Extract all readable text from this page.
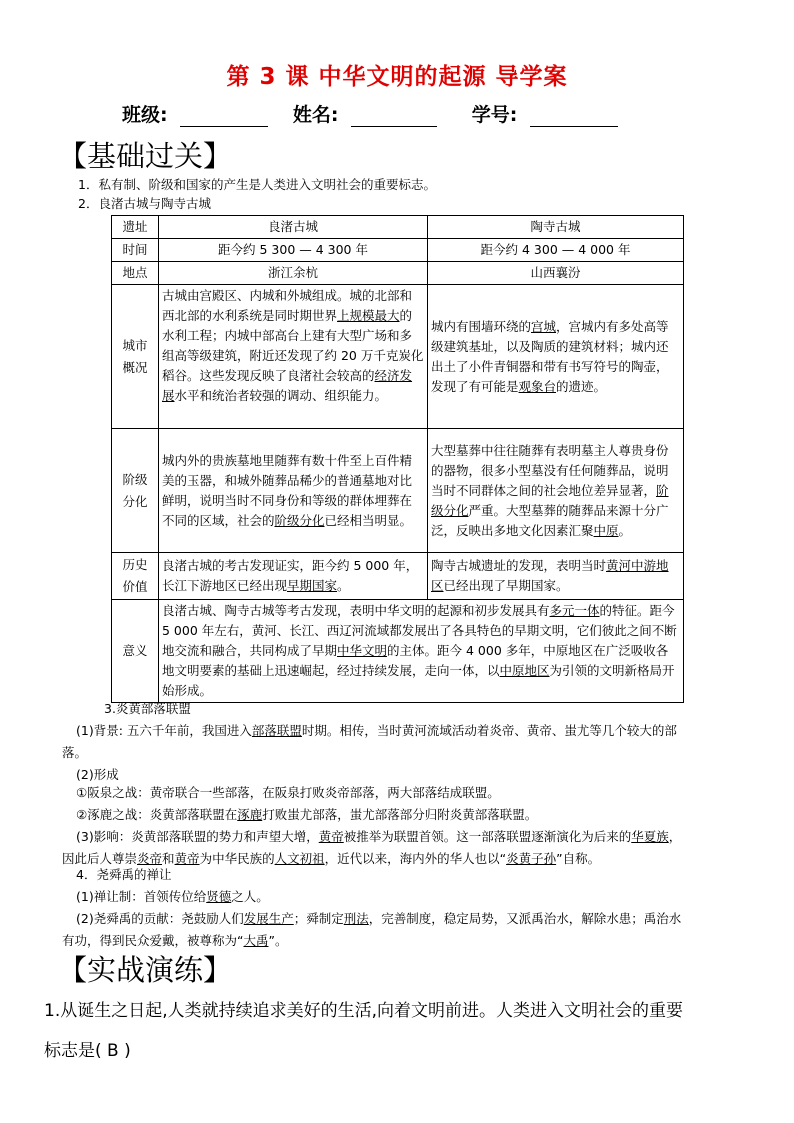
第 3 课 中华文明的起源 导学案
班级:	姓名:	学号:
【基础过关】
1．私有制、阶级和国家的产生是人类进入文明社会的重要标志。
2．良渚古城与陶寺古城
遗址	良渚古城	陶寺古城
时间	距今约 5 300 — 4 300 年	距今约 4 300 — 4 000 年
地点	浙江余杭	山西襄汾

城市
概况	古城由宫殿区、内城和外城组成。城的北部和西北部的水利系统是同时期世界上规模最大的水利工程；内城中部高台上建有大型广场和多组高等级建筑，附近还发现了约 20 万千克炭化稻谷。这些发现反映了良渚社会较高的经济发展水平和统治者较强的调动、组织能力。	城内有围墙环绕的宫城，宫城内有多处高等级建筑基址，以及陶质的建筑材料；城内还出土了小件青铜器和带有书写符号的陶壶，发现了有可能是观象台的遗迹。

阶级
分化	城内外的贵族墓地里随葬有数十件至上百件精美的玉器，和城外随葬品稀少的普通墓地对比鲜明，说明当时不同身份和等级的群体埋葬在不同的区域，社会的阶级分化已经相当明显。	大型墓葬中往往随葬有表明墓主人尊贵身份的器物，很多小型墓没有任何随葬品，说明当时不同群体之间的社会地位差异显著，阶级分化严重。大型墓葬的随葬品来源十分广泛，反映出多地文化因素汇聚中原。

历史
价值	良渚古城的考古发现证实，距今约 5 000 年，长江下游地区已经出现早期国家。	陶寺古城遗址的发现，表明当时黄河中游地区已经出现了早期国家。
意义	良渚古城、陶寺古城等考古发现，表明中华文明的起源和初步发展具有多元一体的特征。距今 5 000 年左右，黄河、长江、西辽河流域都发展出了各具特色的早期文明，它们彼此之间不断地交流和融合，共同构成了早期中华文明的主体。距今 4 000 多年，中原地区在广泛吸收各地文明要素的基础上迅速崛起，经过持续发展，走向一体，以中原地区为引领的文明新格局开始形成。	
3.炎黄部落联盟
(1)背景: 五六千年前，我国进入部落联盟时期。相传，当时黄河流域活动着炎帝、黄帝、蚩尤等几个较大的部
落。
(2)形成
①阪泉之战：黄帝联合一些部落，在阪泉打败炎帝部落，两大部落结成联盟。
②涿鹿之战：炎黄部落联盟在涿鹿打败蚩尤部落，蚩尤部落部分归附炎黄部落联盟。
(3)影响：炎黄部落联盟的势力和声望大增，黄帝被推举为联盟首领。这一部落联盟逐渐演化为后来的华夏族，
因此后人尊崇炎帝和黄帝为中华民族的人文初祖，近代以来，海内外的华人也以“炎黄子孙”自称。
4．尧舜禹的禅让
(1)禅让制：首领传位给贤德之人。
(2)尧舜禹的贡献：尧鼓励人们发展生产；舜制定刑法，完善制度，稳定局势，又派禹治水，解除水患；禹治水
有功，得到民众爱戴，被尊称为“大禹”。
【实战演练】
1.从诞生之日起,人类就持续追求美好的生活,向着文明前进。人类进入文明社会的重要
标志是( B )
